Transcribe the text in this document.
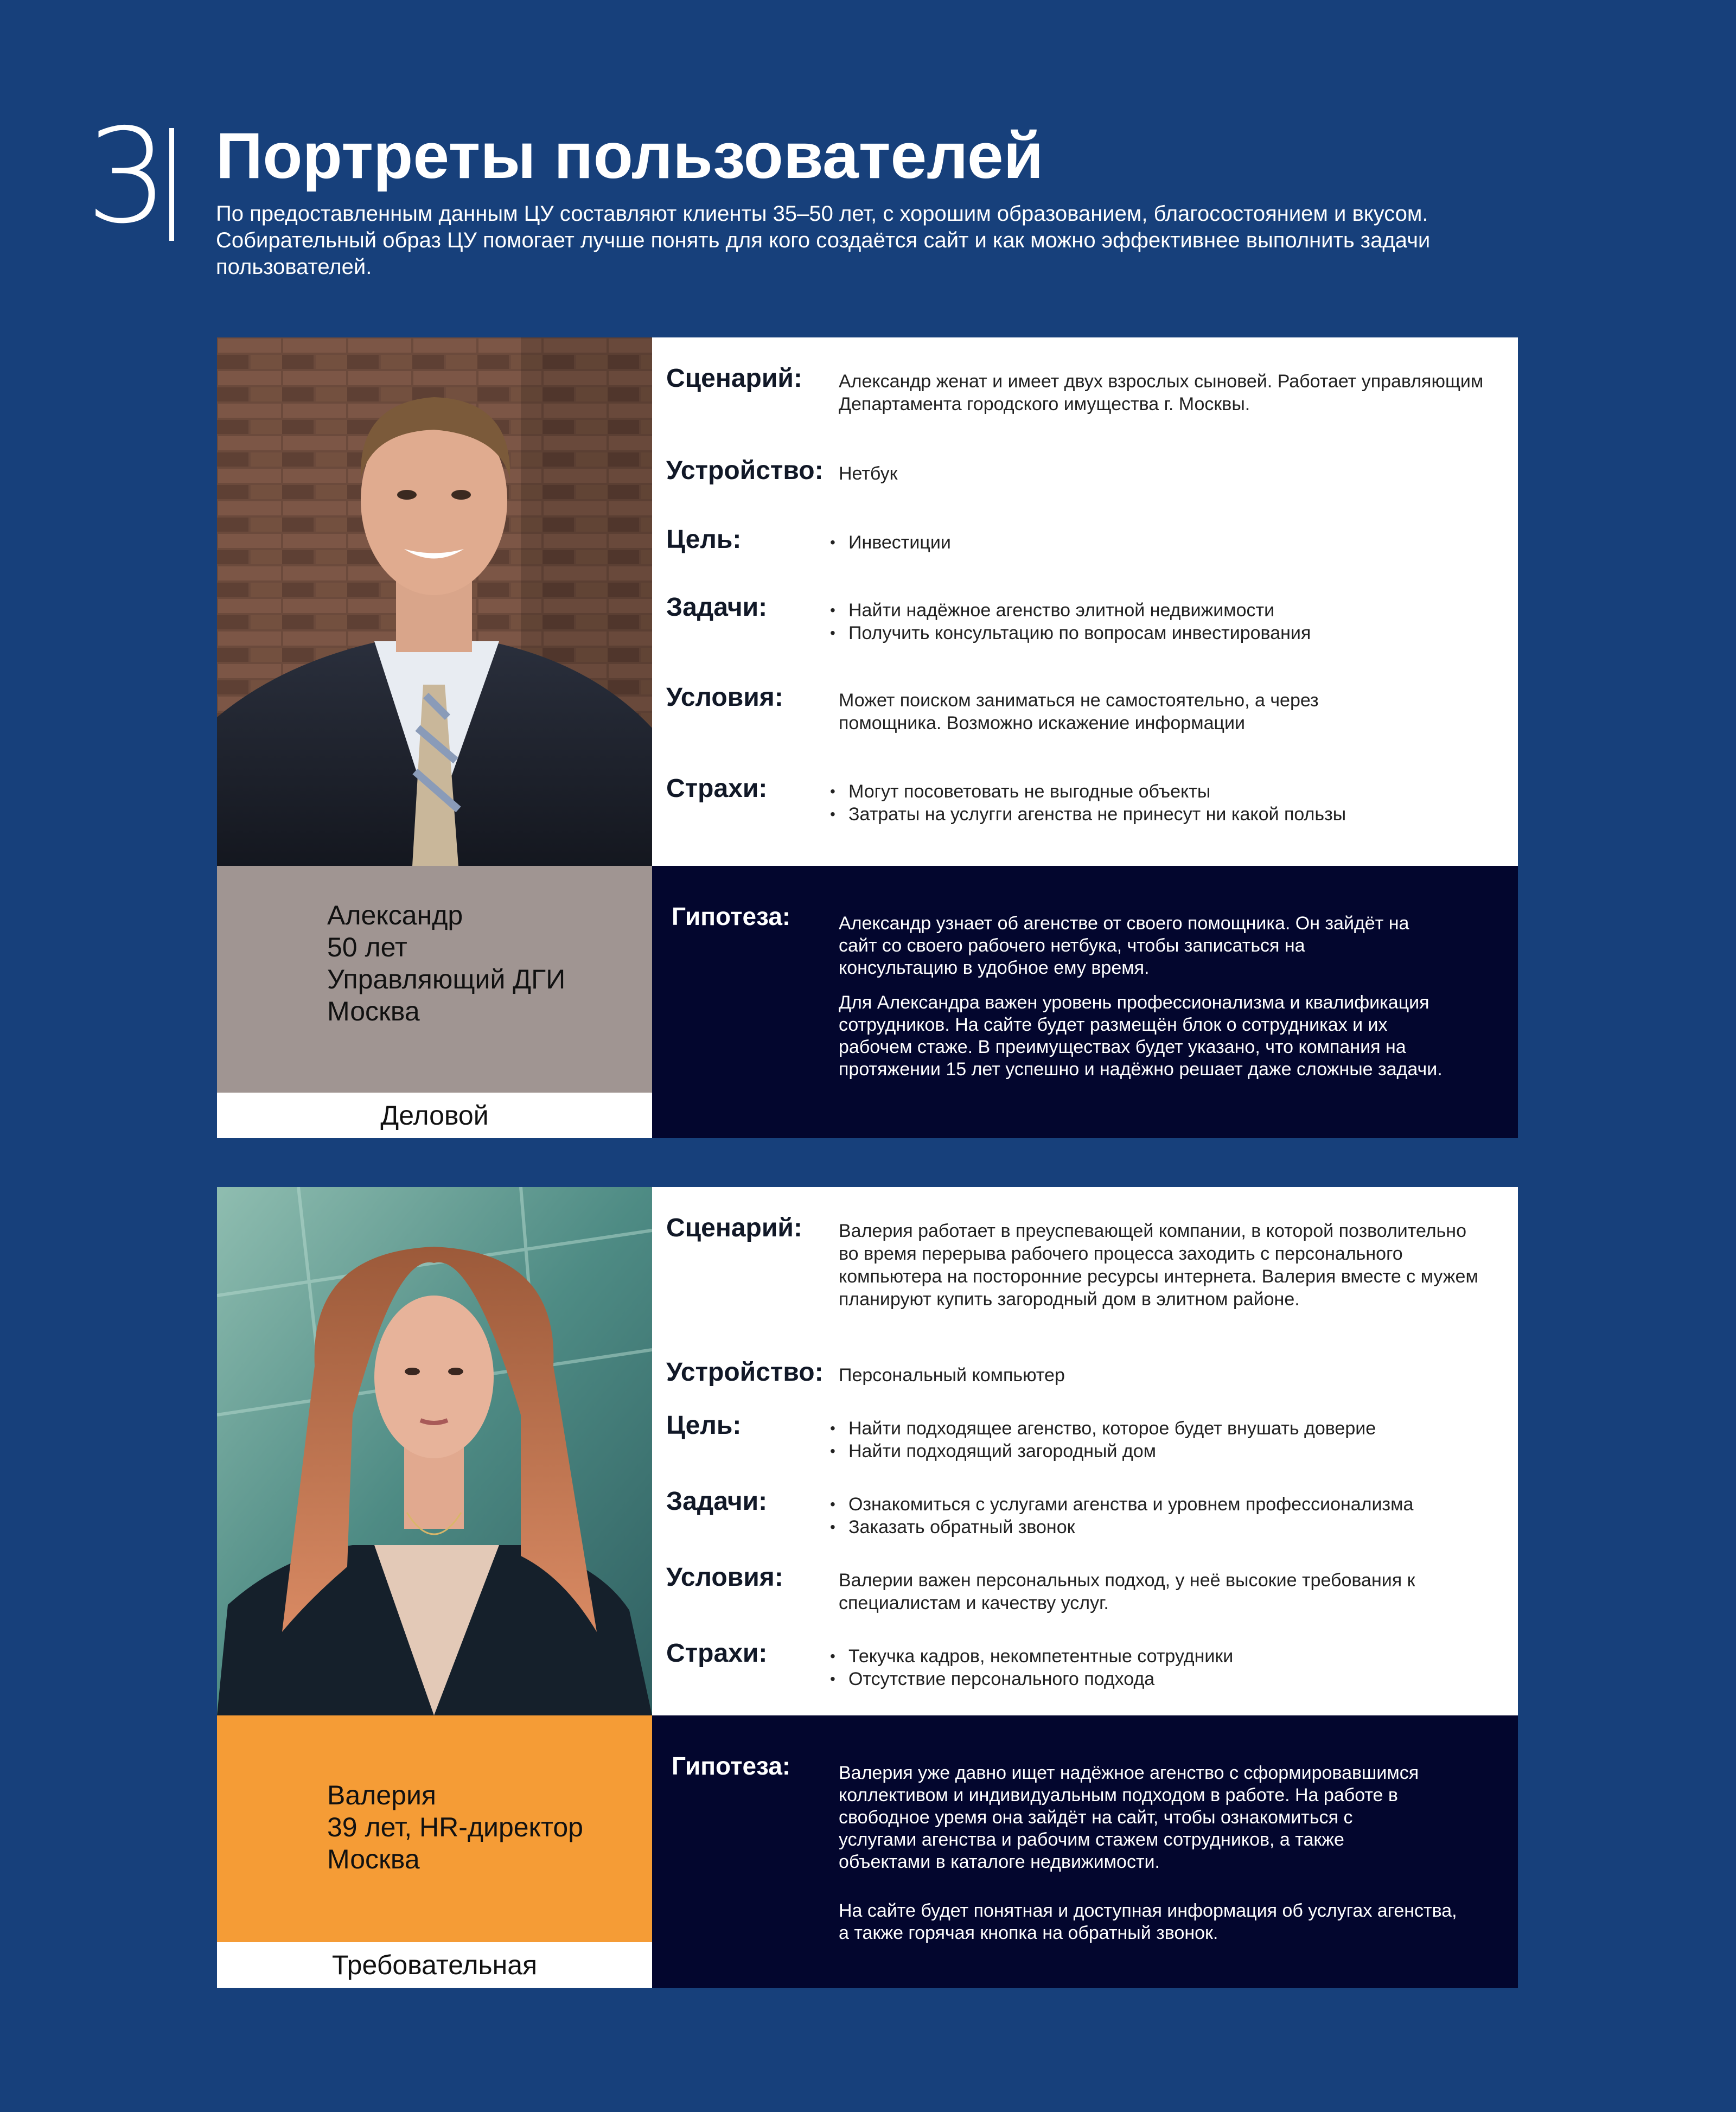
3 Портреты пользователей

По предоставленным данным ЦУ составляют клиенты 35–50 лет, с хорошим образованием, благосостоянием и вкусом. Собирательный образ ЦУ помогает лучше понять для кого создаётся сайт и как можно эффективнее выполнить задачи пользователей.

Александр

50 лет

Управляющий ДГИ

Москва

Деловой
Сценарий: Александр женат и имеет двух взрослых сыновей. Работает управляющим Департамента городского имущества г. Москвы.
Устройство: Нетбук
Цель:	• Инвестиции
Задачи:	• Найти надёжное агенство элитной недвижимости
• Получить консультацию по вопросам инвестирования
Условия:	Может поиском заниматься не самостоятельно, а через помощника. Возможно искажение информации
Страхи:	• Могут посоветовать не выгодные объекты
• Затраты на услугги агенства не принесут ни какой пользы
Гипотеза:	Александр узнает об агенстве от своего помощника. Он зайдёт на сайт со своего рабочего нетбука, чтобы записаться на консультацию в удобное ему время.

Для Александра важен уровень профессионализма и квалификация сотрудников. На сайте будет размещён блок о сотрудниках и их рабочем стаже. В преимуществах будет указано, что компания на протяжении 15 лет успешно и надёжно решает даже сложные задачи.

Валерия

39 лет, HR-директор

Москва

Требовательная
Сценарий: Валерия работает в преуспевающей компании, в которой позволительно во время перерыва рабочего процесса заходить с персонального компьютера на посторонние ресурсы интернета. Валерия вместе с мужем планируют купить загородный дом в элитном районе.
Устройство: Персональный компьютер
Цель:	• Найти подходящее агенство, которое будет внушать доверие
• Найти подходящий загородный дом
Задачи:	• Ознакомиться с услугами агенства и уровнем профессионализма
• Заказать обратный звонок
Условия:	Валерии важен персональных подход, у неё высокие требования к специалистам и качеству услуг.
Страхи:	• Текучка кадров, некомпетентные сотрудники
• Отсутствие персонального подхода
Гипотеза:	Валерия уже давно ищет надёжное агенство с сформировавшимся коллективом и индивидуальным подходом в работе. На работе в свободное уремя она зайдёт на сайт, чтобы ознакомиться с услугами агенства и рабочим стажем сотрудников, а также объектами в каталоге недвижимости.

На сайте будет понятная и доступная информация об услугах агенства, а также горячая кнопка на обратный звонок.
